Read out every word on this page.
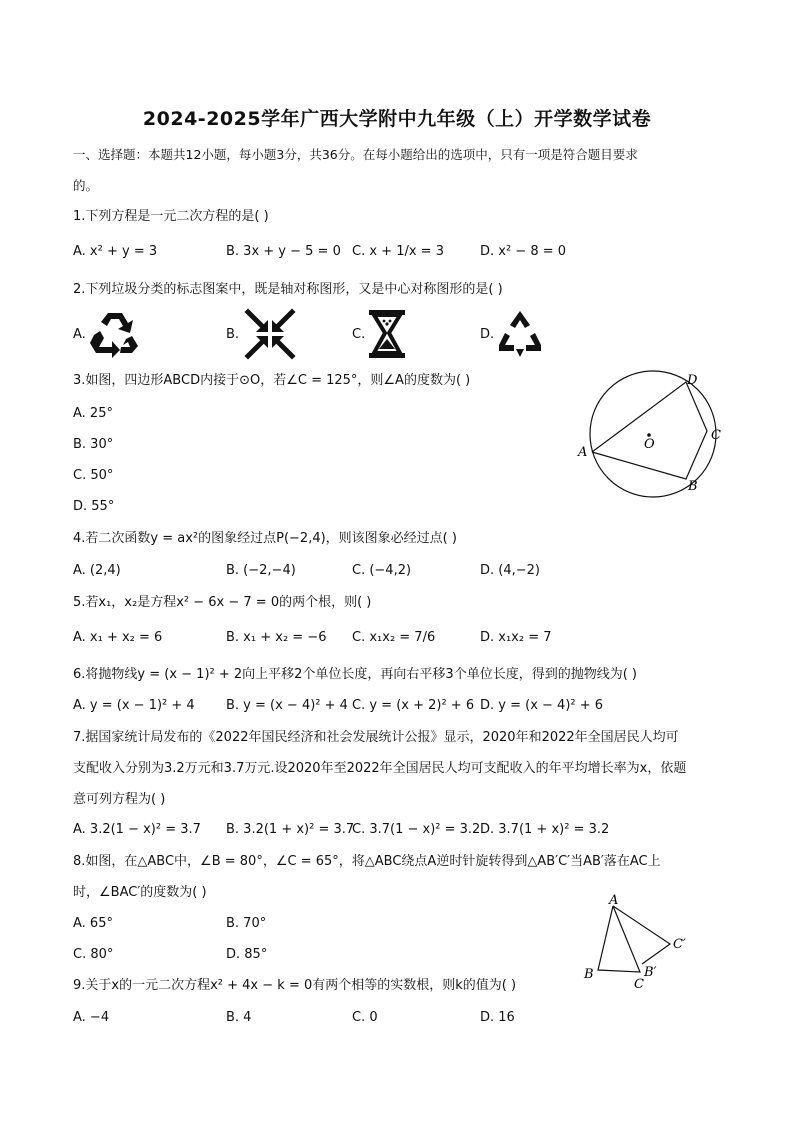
2024-2025学年广西大学附中九年级（上）开学数学试卷
一、选择题：本题共12小题，每小题3分，共36分。在每小题给出的选项中，只有一项是符合题目要求
的。
1.下列方程是一元二次方程的是( )
A. x² + y = 3	B. 3x + y − 5 = 0 C. x + 1/x = 3	D. x² − 8 = 0
2.下列垃圾分类的标志图案中，既是轴对称图形，又是中心对称图形的是( )
A.	B.	C.	D.
3.如图，四边形ABCD内接于⊙O，若∠C = 125°，则∠A的度数为( )
A. 25°
B. 30°
C. 50°
D. 55°
A
B
C
D
O
4.若二次函数y = ax²的图象经过点P(−2,4)，则该图象必经过点( )
A. (2,4)	B. (−2,−4)	C. (−4,2)	D. (4,−2)
5.若x₁，x₂是方程x² − 6x − 7 = 0的两个根，则( )
A. x₁ + x₂ = 6	B. x₁ + x₂ = −6 C. x₁x₂ = 7/6	D. x₁x₂ = 7
6.将抛物线y = (x − 1)² + 2向上平移2个单位长度，再向右平移3个单位长度，得到的抛物线为( )
A. y = (x − 1)² + 4 B. y = (x − 4)² + 4 C. y = (x + 2)² + 6 D. y = (x − 4)² + 6
7.据国家统计局发布的《2022年国民经济和社会发展统计公报》显示，2020年和2022年全国居民人均可
支配收入分别为3.2万元和3.7万元.设2020年至2022年全国居民人均可支配收入的年平均增长率为x，依题
意可列方程为( )
A. 3.2(1 − x)² = 3.7 B. 3.2(1 + x)² = 3.7
C. 3.7(1 − x)² = 3.2 D. 3.7(1 + x)² = 3.2
8.如图，在△ABC中，∠B = 80°，∠C = 65°，将△ABC绕点A逆时针旋转得到△AB′C′当AB′落在AC上
时，∠BAC′的度数为( )
A. 65°	B. 70°
C. 80°	D. 85°
A
B
C
B′
C′
9.关于x的一元二次方程x² + 4x − k = 0有两个相等的实数根，则k的值为( )
A. −4	B. 4	C. 0	D. 16
